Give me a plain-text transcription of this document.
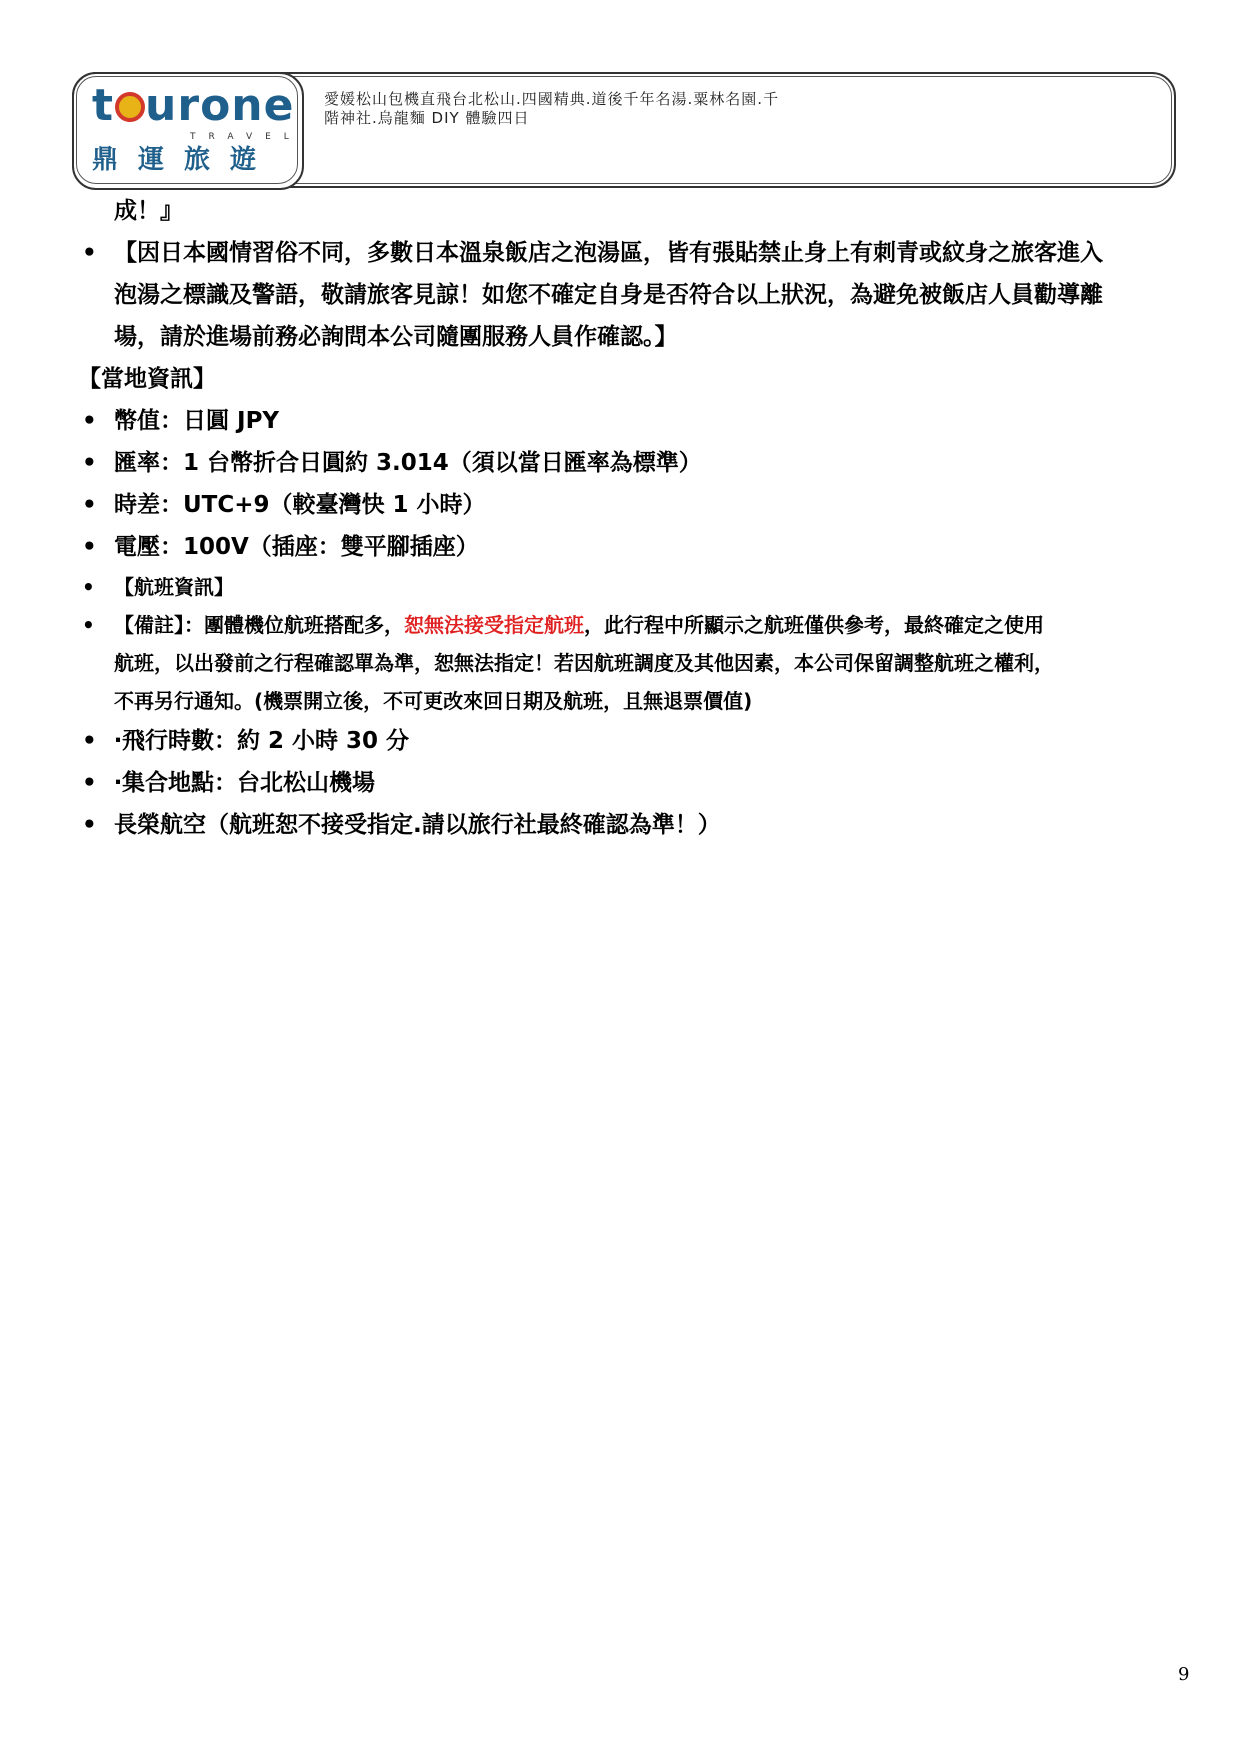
t urone
TRAVEL
鼎運旅遊
愛媛松山包機直飛台北松山.四國精典.道後千年名湯.粟林名園.千
階神社.烏龍麵 DIY 體驗四日
成！』
• 【因日本國情習俗不同，多數日本溫泉飯店之泡湯區，皆有張貼禁止身上有刺青或紋身之旅客進入
泡湯之標識及警語，敬請旅客見諒！如您不確定自身是否符合以上狀況，為避免被飯店人員勸導離
場，請於進場前務必詢問本公司隨團服務人員作確認。】
【當地資訊】
• 幣值：日圓 JPY
• 匯率：1 台幣折合日圓約 3.014（須以當日匯率為標準）
• 時差：UTC+9（較臺灣快 1 小時）
• 電壓：100V（插座：雙平腳插座）
• 【航班資訊】
• 【備註】：團體機位航班搭配多，恕無法接受指定航班，此行程中所顯示之航班僅供參考，最終確定之使用
航班，以出發前之行程確認單為準，恕無法指定！若因航班調度及其他因素，本公司保留調整航班之權利，
不再另行通知。(機票開立後，不可更改來回日期及航班，且無退票價值)
• ‧飛行時數：約 2 小時 30 分
• ‧集合地點：台北松山機場
• 長榮航空（航班恕不接受指定.請以旅行社最終確認為準！）
9
